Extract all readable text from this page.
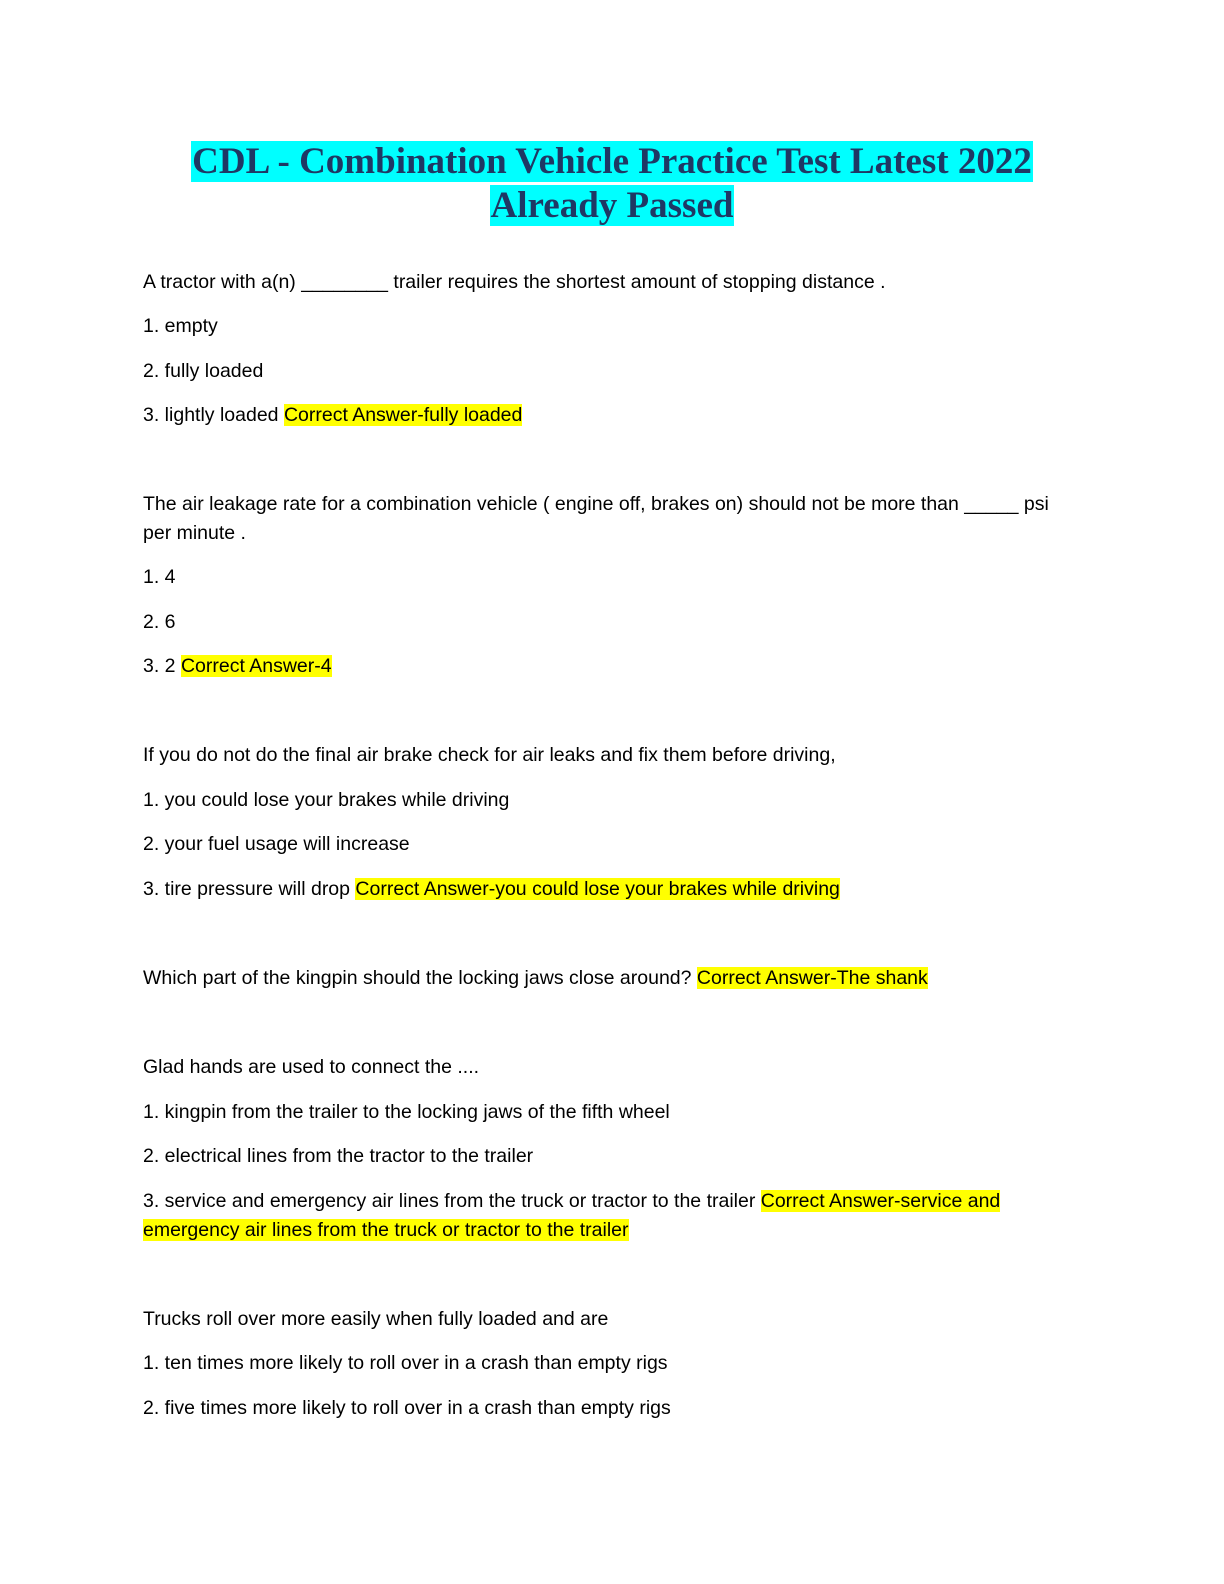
CDL - Combination Vehicle Practice Test Latest 2022
Already Passed
A tractor with a(n) ________ trailer requires the shortest amount of stopping distance .
1. empty
2. fully loaded
3. lightly loaded Correct Answer-fully loaded
The air leakage rate for a combination vehicle ( engine off, brakes on) should not be more than _____ psi per minute .
1. 4
2. 6
3. 2 Correct Answer-4
If you do not do the final air brake check for air leaks and fix them before driving,
1. you could lose your brakes while driving
2. your fuel usage will increase
3. tire pressure will drop Correct Answer-you could lose your brakes while driving
Which part of the kingpin should the locking jaws close around? Correct Answer-The shank
Glad hands are used to connect the ....
1. kingpin from the trailer to the locking jaws of the fifth wheel
2. electrical lines from the tractor to the trailer
3. service and emergency air lines from the truck or tractor to the trailer Correct Answer-service and emergency air lines from the truck or tractor to the trailer
Trucks roll over more easily when fully loaded and are
1. ten times more likely to roll over in a crash than empty rigs
2. five times more likely to roll over in a crash than empty rigs
